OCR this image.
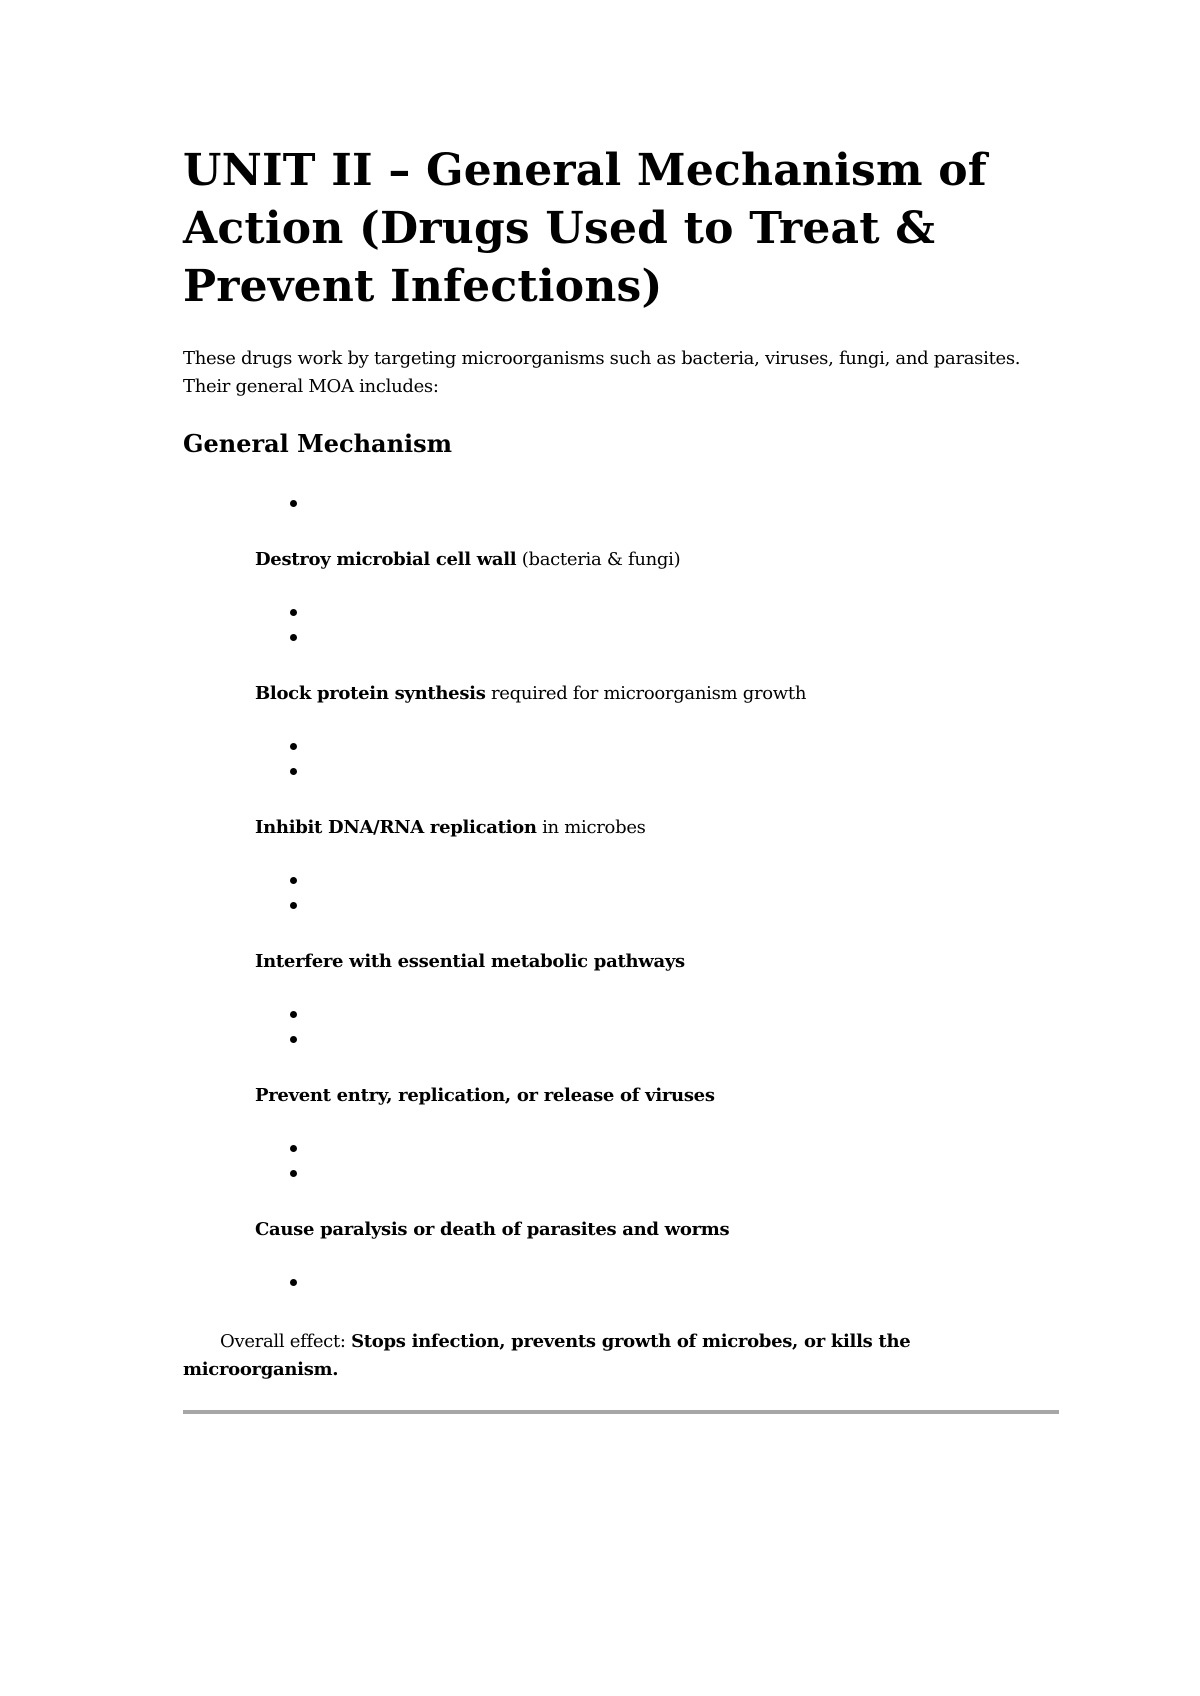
UNIT II – General Mechanism of Action (Drugs Used to Treat & Prevent Infections)

These drugs work by targeting microorganisms such as bacteria, viruses, fungi, and parasites. Their general MOA includes:

General Mechanism

Destroy microbial cell wall (bacteria & fungi)

Block protein synthesis required for microorganism growth

Inhibit DNA/RNA replication in microbes

Interfere with essential metabolic pathways

Prevent entry, replication, or release of viruses

Cause paralysis or death of parasites and worms

Overall effect: Stops infection, prevents growth of microbes, or kills the microorganism.
